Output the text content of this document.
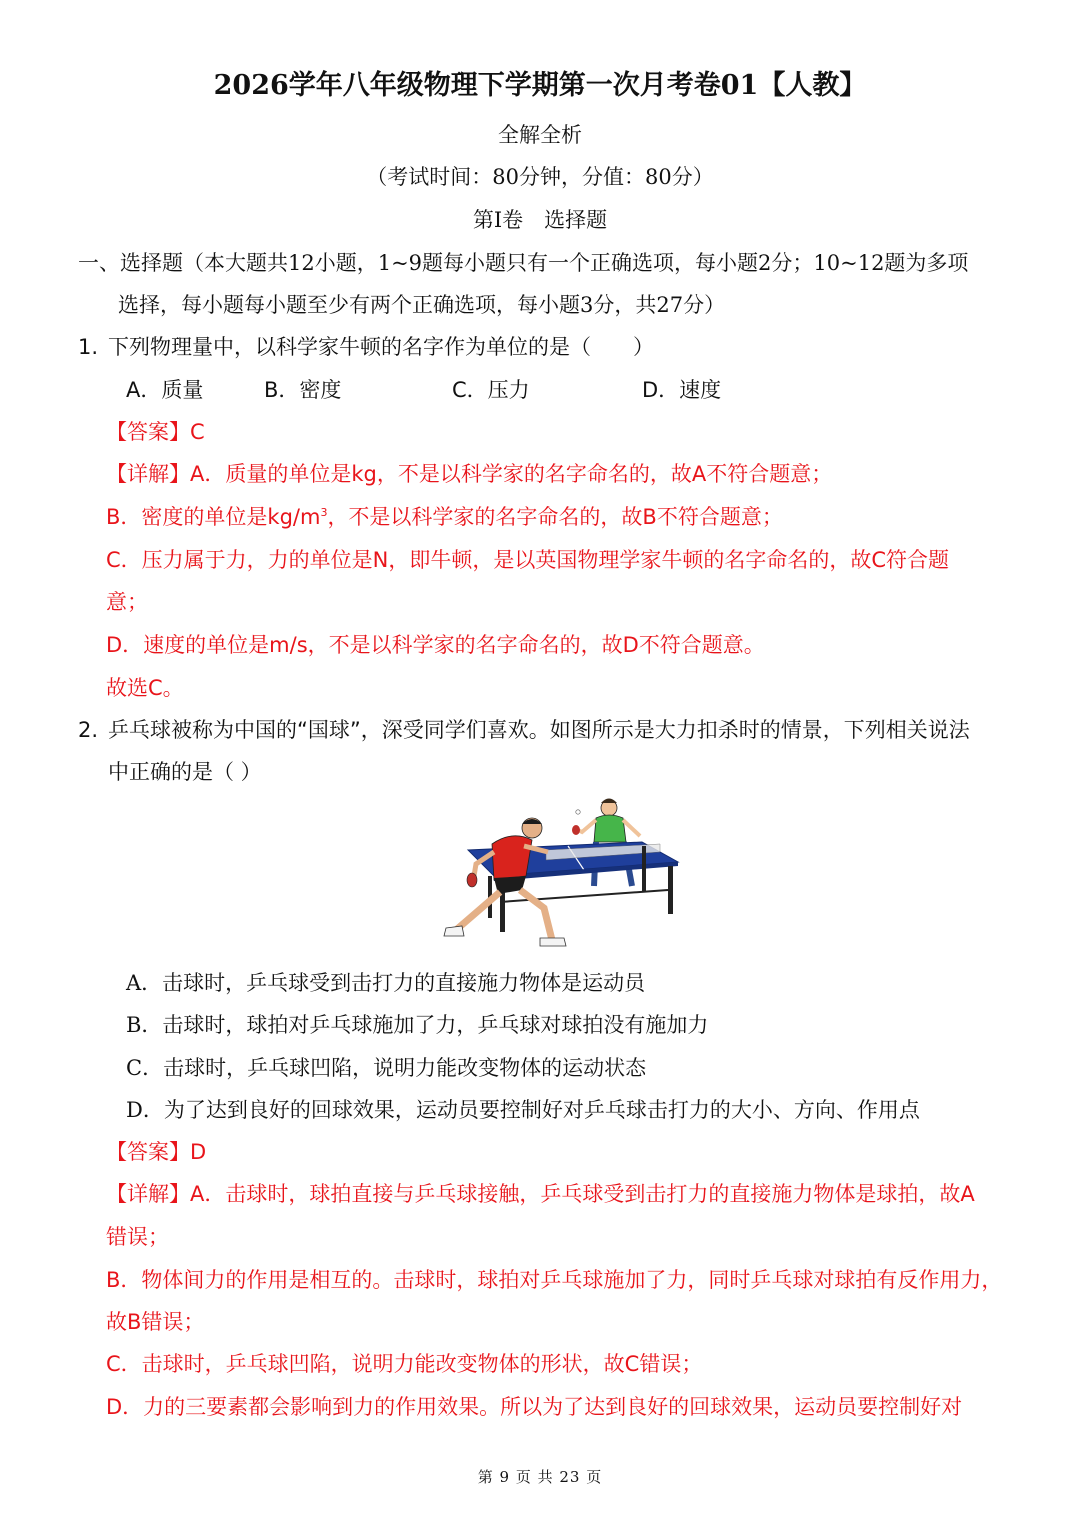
2026学年八年级物理下学期第一次月考卷01【人教】
全解全析
（考试时间：80分钟，分值：80分）
第Ⅰ卷　选择题
一、选择题（本大题共12小题，1~9题每小题只有一个正确选项，每小题2分；10~12题为多项
选择，每小题每小题至少有两个正确选项，每小题3分，共27分）
1. 下列物理量中，以科学家牛顿的名字作为单位的是（　　）
A．质量	B．密度	C．压力	D．速度
【答案】C
【详解】A．质量的单位是kg，不是以科学家的名字命名的，故A不符合题意；
B．密度的单位是$kg/m^3$，不是以科学家的名字命名的，故B不符合题意；
C．压力属于力，力的单位是N，即牛顿，是以英国物理学家牛顿的名字命名的，故C符合题
意；
D．速度的单位是m/s，不是以科学家的名字命名的，故D不符合题意。
故选C。
2. 乒乓球被称为中国的“国球”，深受同学们喜欢。如图所示是大力扣杀时的情景，下列相关说法
中正确的是（ ）
A．击球时，乒乓球受到击打力的直接施力物体是运动员
B．击球时，球拍对乒乓球施加了力，乒乓球对球拍没有施加力
C．击球时，乒乓球凹陷，说明力能改变物体的运动状态
D．为了达到良好的回球效果，运动员要控制好对乒乓球击打力的大小、方向、作用点
【答案】D
【详解】A．击球时，球拍直接与乒乓球接触，乒乓球受到击打力的直接施力物体是球拍，故A
错误；
B．物体间力的作用是相互的。击球时，球拍对乒乓球施加了力，同时乒乓球对球拍有反作用力，
故B错误；
C．击球时，乒乓球凹陷，说明力能改变物体的形状，故C错误；
D．力的三要素都会影响到力的作用效果。所以为了达到良好的回球效果，运动员要控制好对
第 9 页 共 23 页
